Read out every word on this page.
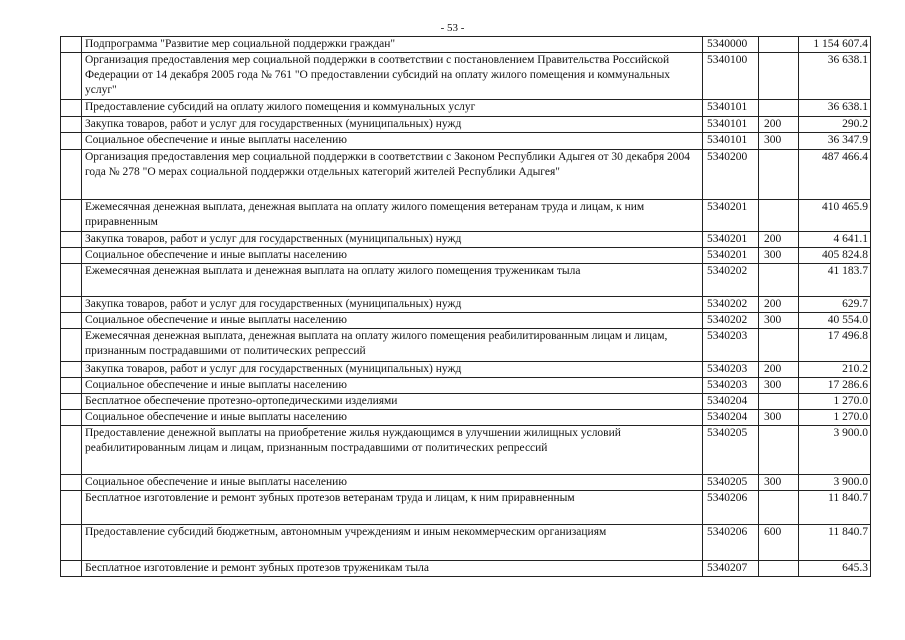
- 53 -
	Подпрограмма "Развитие мер социальной поддержки граждан"	5340000		1 154 607.4
	Организация предоставления мер социальной поддержки в соответствии с постановлением Правительства Российской Федерации от 14 декабря 2005 года № 761 "О предоставлении субсидий на оплату жилого помещения и коммунальных услуг"	5340100		36 638.1
	Предоставление субсидий на оплату жилого помещения и коммунальных услуг	5340101		36 638.1
	Закупка товаров, работ и услуг для государственных (муниципальных) нужд	5340101	200	290.2
	Социальное обеспечение и иные выплаты населению	5340101	300	36 347.9
	Организация предоставления мер социальной поддержки в соответствии с Законом Республики Адыгея от 30 декабря 2004 года № 278 "О мерах социальной поддержки отдельных категорий жителей Республики Адыгея"	5340200		487 466.4
	Ежемесячная денежная выплата, денежная выплата на оплату жилого помещения ветеранам труда и лицам, к ним приравненным	5340201		410 465.9
	Закупка товаров, работ и услуг для государственных (муниципальных) нужд	5340201	200	4 641.1
	Социальное обеспечение и иные выплаты населению	5340201	300	405 824.8
	Ежемесячная денежная выплата и денежная выплата на оплату жилого помещения труженикам тыла	5340202		41 183.7
	Закупка товаров, работ и услуг для государственных (муниципальных) нужд	5340202	200	629.7
	Социальное обеспечение и иные выплаты населению	5340202	300	40 554.0
	Ежемесячная денежная выплата, денежная выплата на оплату жилого помещения реабилитированным лицам и лицам, признанным пострадавшими от политических репрессий	5340203		17 496.8
	Закупка товаров, работ и услуг для государственных (муниципальных) нужд	5340203	200	210.2
	Социальное обеспечение и иные выплаты населению	5340203	300	17 286.6
	Бесплатное обеспечение протезно-ортопедическими изделиями	5340204		1 270.0
	Социальное обеспечение и иные выплаты населению	5340204	300	1 270.0
	Предоставление денежной выплаты на приобретение жилья нуждающимся в улучшении жилищных условий реабилитированным лицам и лицам, признанным пострадавшими от политических репрессий	5340205		3 900.0
	Социальное обеспечение и иные выплаты населению	5340205	300	3 900.0
	Бесплатное изготовление и ремонт зубных протезов ветеранам труда и лицам, к ним приравненным	5340206		11 840.7
	Предоставление субсидий бюджетным, автономным учреждениям и иным некоммерческим организациям	5340206	600	11 840.7
	Бесплатное изготовление и ремонт зубных протезов труженикам тыла	5340207		645.3
